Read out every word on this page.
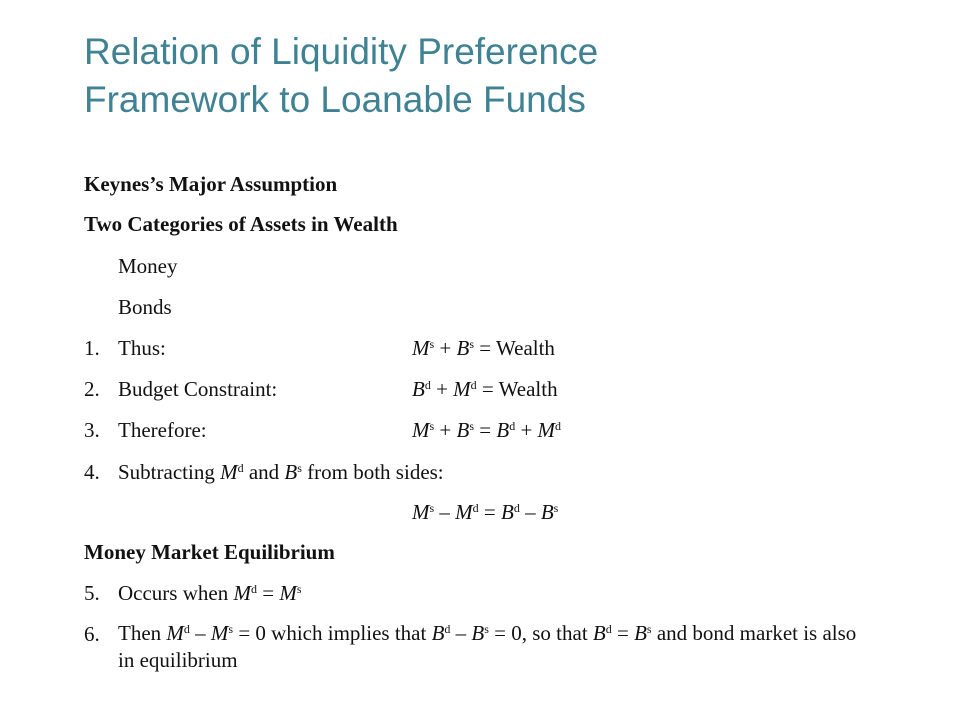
Relation of Liquidity Preference
Framework to Loanable Funds
Keynes’s Major Assumption
Two Categories of Assets in Wealth
Money
Bonds
1. Thus:	$M^s + B^s$ = Wealth
2. Budget Constraint:	$B^d + M^d$ = Wealth
3. Therefore:	$M^s + B^s = B^d + M^d$
4. Subtracting $M^d$ and $B^s$ from both sides:
$M^s - M^d = B^d - B^s$
Money Market Equilibrium
5. Occurs when $M^d = M^s$
6. Then $M^d - M^s = 0$ which implies that $B^d - B^s = 0$, so that $B^d = B^s$ and bond market is also in equilibrium
